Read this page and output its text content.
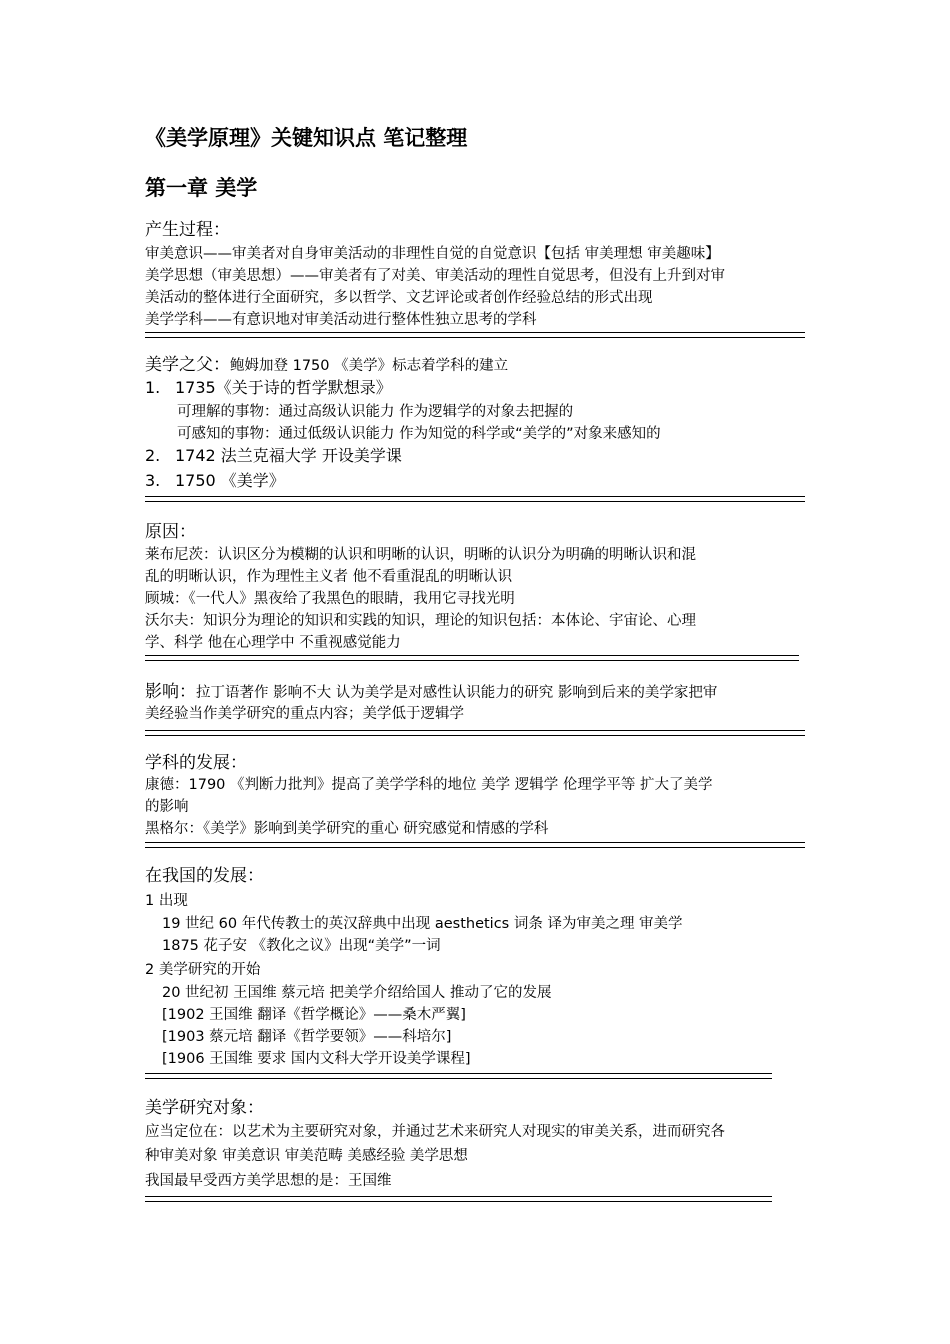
《美学原理》关键知识点 笔记整理
第一章 美学
产生过程：
审美意识——审美者对自身审美活动的非理性自觉的自觉意识【包括 审美理想 审美趣味】
美学思想（审美思想）——审美者有了对美、审美活动的理性自觉思考，但没有上升到对审
美活动的整体进行全面研究，多以哲学、文艺评论或者创作经验总结的形式出现
美学学科——有意识地对审美活动进行整体性独立思考的学科
美学之父：鲍姆加登 1750 《美学》标志着学科的建立
1. 1735《关于诗的哲学默想录》
可理解的事物：通过高级认识能力 作为逻辑学的对象去把握的
可感知的事物：通过低级认识能力 作为知觉的科学或“美学的”对象来感知的
2. 1742 法兰克福大学 开设美学课
3. 1750 《美学》
原因：
莱布尼茨：认识区分为模糊的认识和明晰的认识，明晰的认识分为明确的明晰认识和混
乱的明晰认识，作为理性主义者 他不看重混乱的明晰认识
顾城：《一代人》黑夜给了我黑色的眼睛，我用它寻找光明
沃尔夫：知识分为理论的知识和实践的知识，理论的知识包括：本体论、宇宙论、心理
学、科学 他在心理学中 不重视感觉能力
影响：拉丁语著作 影响不大 认为美学是对感性认识能力的研究 影响到后来的美学家把审
美经验当作美学研究的重点内容；美学低于逻辑学
学科的发展：
康德：1790 《判断力批判》提高了美学学科的地位 美学 逻辑学 伦理学平等 扩大了美学
的影响
黑格尔：《美学》影响到美学研究的重心 研究感觉和情感的学科
在我国的发展：
1 出现
19 世纪 60 年代传教士的英汉辞典中出现 aesthetics 词条 译为审美之理 审美学
1875 花子安 《教化之议》出现“美学”一词
2 美学研究的开始
20 世纪初 王国维 蔡元培 把美学介绍给国人 推动了它的发展
[1902 王国维 翻译《哲学概论》——桑木严翼]
[1903 蔡元培 翻译《哲学要领》——科培尔]
[1906 王国维 要求 国内文科大学开设美学课程]
美学研究对象：
应当定位在：以艺术为主要研究对象，并通过艺术来研究人对现实的审美关系，进而研究各
种审美对象 审美意识 审美范畴 美感经验 美学思想
我国最早受西方美学思想的是：王国维
